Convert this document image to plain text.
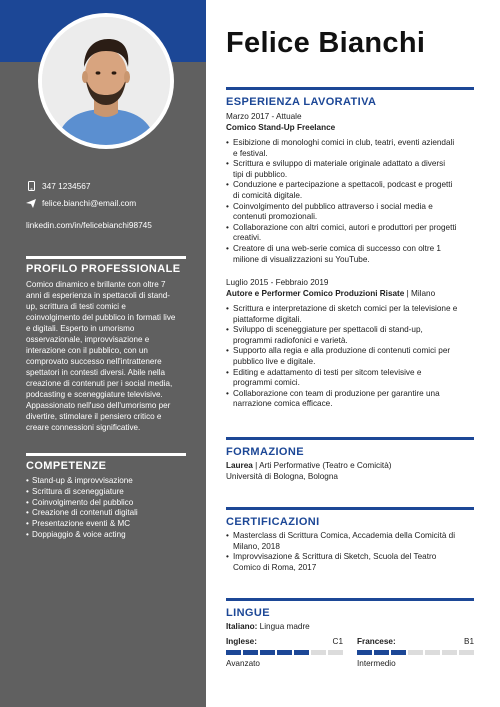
347 1234567
felice.bianchi@email.com
linkedin.com/in/felicebianchi98745
PROFILO PROFESSIONALE
Comico dinamico e brillante con oltre 7
anni di esperienza in spettacoli di stand-
up, scrittura di testi comici e
coinvolgimento del pubblico in formati live
e digitali. Esperto in umorismo
osservazionale, improvvisazione e
interazione con il pubblico, con un
comprovato successo nell'intrattenere
spettatori in contesti diversi. Abile nella
creazione di contenuti per i social media,
podcasting e sceneggiature televisive.
Appassionato nell'uso dell'umorismo per
divertire, stimolare il pensiero critico e
creare connessioni significative.
COMPETENZE
• Stand-up & improvvisazione
• Scrittura di sceneggiature
• Coinvolgimento del pubblico
• Creazione di contenuti digitali
• Presentazione eventi & MC
• Doppiaggio & voice acting
Felice Bianchi
ESPERIENZA LAVORATIVA
Marzo 2017 - Attuale
Comico Stand-Up Freelance
• Esibizione di monologhi comici in club, teatri, eventi aziendali
e festival.
• Scrittura e sviluppo di materiale originale adattato a diversi
tipi di pubblico.
• Conduzione e partecipazione a spettacoli, podcast e progetti
di comicità digitale.
• Coinvolgimento del pubblico attraverso i social media e
contenuti promozionali.
• Collaborazione con altri comici, autori e produttori per progetti
creativi.
• Creatore di una web-serie comica di successo con oltre 1
milione di visualizzazioni su YouTube.
Luglio 2015 - Febbraio 2019
Autore e Performer Comico Produzioni Risate | Milano
• Scrittura e interpretazione di sketch comici per la televisione e
piattaforme digitali.
• Sviluppo di sceneggiature per spettacoli di stand-up,
programmi radiofonici e varietà.
• Supporto alla regia e alla produzione di contenuti comici per
pubblico live e digitale.
• Editing e adattamento di testi per sitcom televisive e
programmi comici.
• Collaborazione con team di produzione per garantire una
narrazione comica efficace.
FORMAZIONE
Laurea | Arti Performative (Teatro e Comicità)
Università di Bologna, Bologna
CERTIFICAZIONI
• Masterclass di Scrittura Comica, Accademia della Comicità di
Milano, 2018
• Improvvisazione & Scrittura di Sketch, Scuola del Teatro
Comico di Roma, 2017
LINGUE
Italiano: Lingua madre
Inglese:	C1
Avanzato
Francese:	B1
Intermedio
